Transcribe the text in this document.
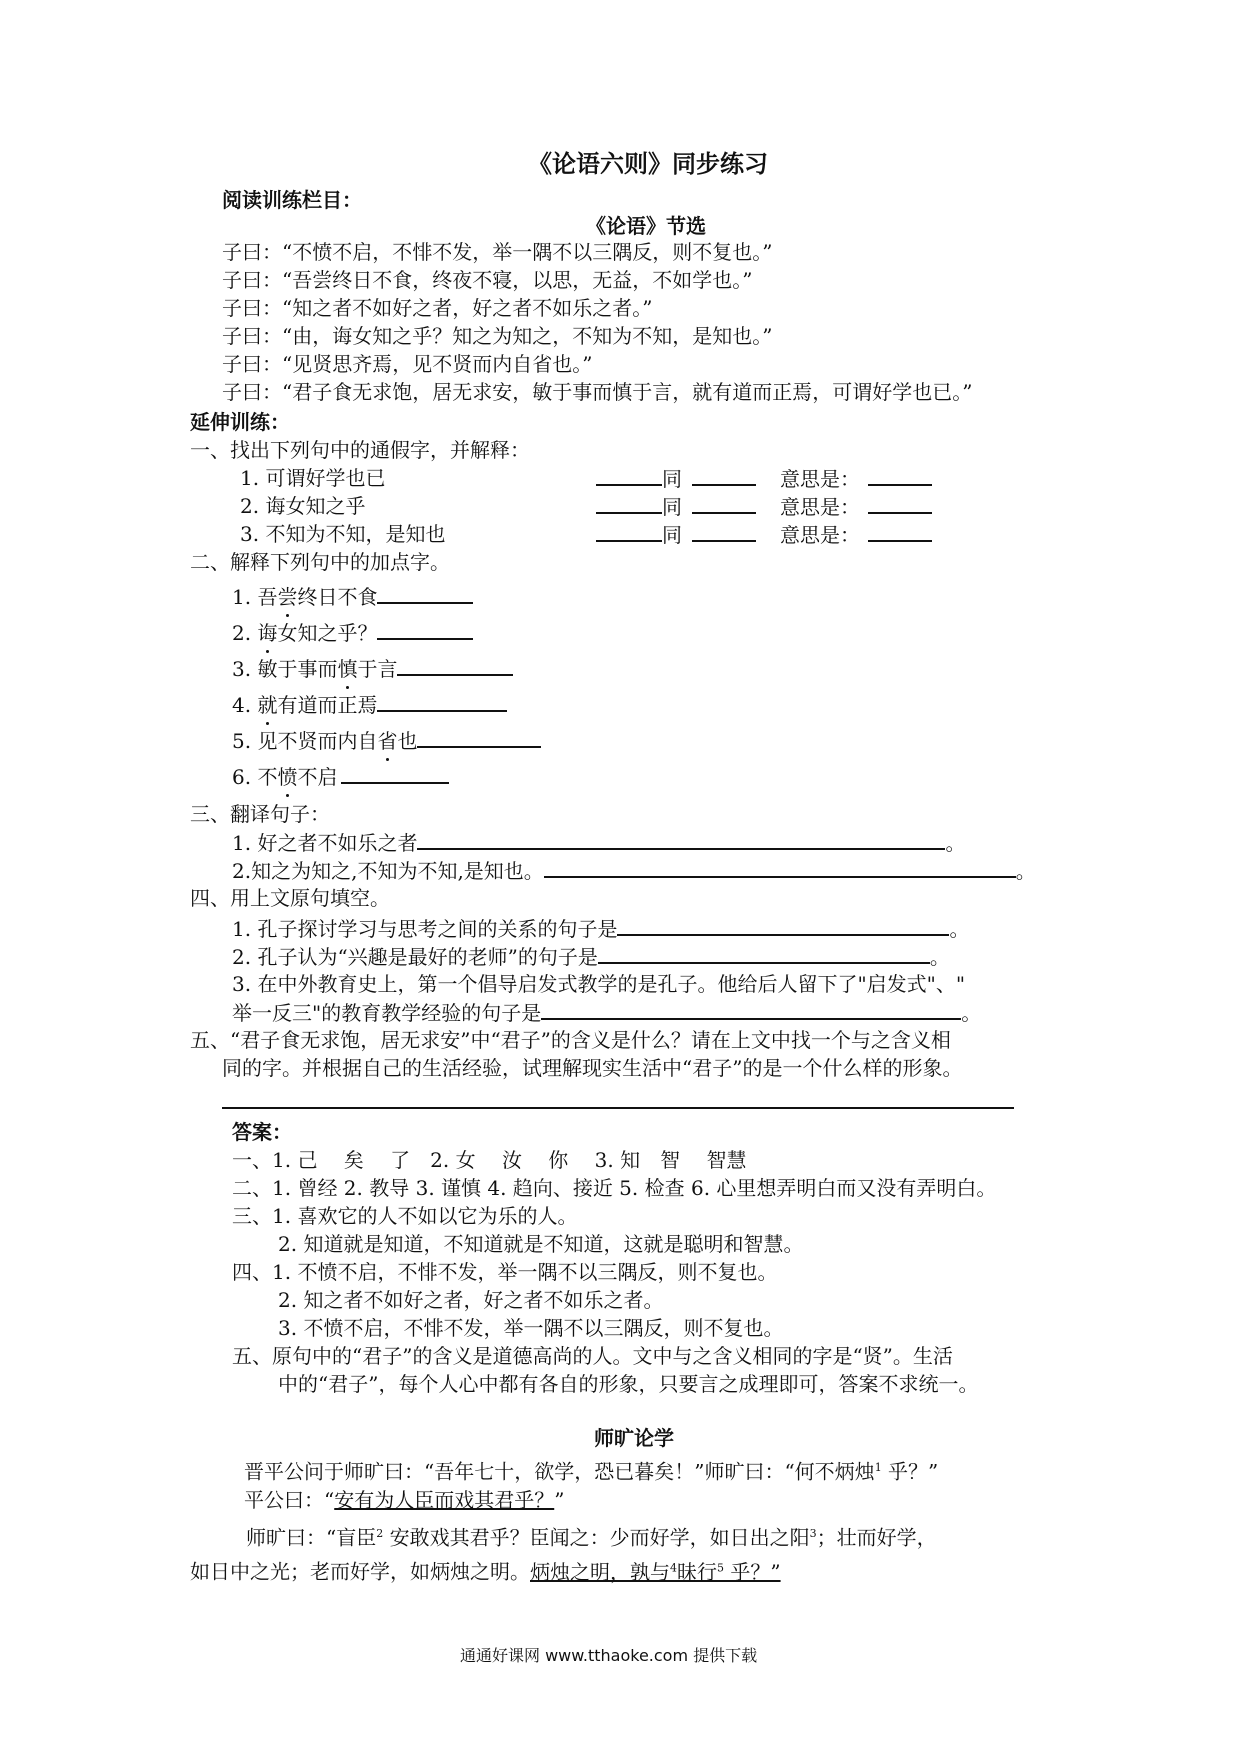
《论语六则》同步练习
阅读训练栏目：
《论语》节选
子曰：“不愤不启，不悱不发，举一隅不以三隅反，则不复也。”
子曰：“吾尝终日不食，终夜不寝，以思，无益，不如学也。”
子曰：“知之者不如好之者，好之者不如乐之者。”
子曰：“由，诲女知之乎？知之为知之，不知为不知，是知也。”
子曰：“见贤思齐焉，见不贤而内自省也。”
子曰：“君子食无求饱，居无求安，敏于事而慎于言，就有道而正焉，可谓好学也已。”
延伸训练：
一、找出下列句中的通假字，并解释：
1. 可谓好学也已	同	意思是：
2. 诲女知之乎	同	意思是：
3. 不知为不知，是知也	同	意思是：
二、解释下列句中的加点字。
1. 吾尝终日不食
2. 诲女知之乎？
3. 敏于事而慎于言
4. 就有道而正焉
5. 见不贤而内自省也
6. 不愤不启
三、翻译句子：
1. 好之者不如乐之者	。
2.知之为知之,不知为不知,是知也。	。
四、用上文原句填空。
1. 孔子探讨学习与思考之间的关系的句子是	。
2. 孔子认为“兴趣是最好的老师”的句子是	。
3. 在中外教育史上，第一个倡导启发式教学的是孔子。他给后人留下了"启发式"、"
举一反三"的教育教学经验的句子是	。
五、“君子食无求饱，居无求安”中“君子”的含义是什么？请在上文中找一个与之含义相
同的字。并根据自己的生活经验，试理解现实生活中“君子”的是一个什么样的形象。
答案：
一、1. 己　 矣　 了　2. 女　 汝　 你　 3. 知　智　 智慧
二、1. 曾经 2. 教导 3. 谨慎 4. 趋向、接近 5. 检查 6. 心里想弄明白而又没有弄明白。
三、1. 喜欢它的人不如以它为乐的人。
2. 知道就是知道，不知道就是不知道，这就是聪明和智慧。
四、1. 不愤不启，不悱不发，举一隅不以三隅反，则不复也。
2. 知之者不如好之者，好之者不如乐之者。
3. 不愤不启，不悱不发，举一隅不以三隅反，则不复也。
五、原句中的“君子”的含义是道德高尚的人。文中与之含义相同的字是“贤”。生活
中的“君子”，每个人心中都有各自的形象，只要言之成理即可，答案不求统一。
师旷论学
晋平公问于师旷曰：“吾年七十，欲学，恐已暮矣！”师旷曰：“何不炳烛$^1$ 乎？”
平公曰：“安有为人臣而戏其君乎？”
师旷曰：“盲臣$^2$ 安敢戏其君乎？臣闻之：少而好学，如日出之阳$^3$；壮而好学，
如日中之光；老而好学，如炳烛之明。炳烛之明，孰与$^4$昧行$^5$ 乎？”
通通好课网 www.tthaoke.com 提供下载
